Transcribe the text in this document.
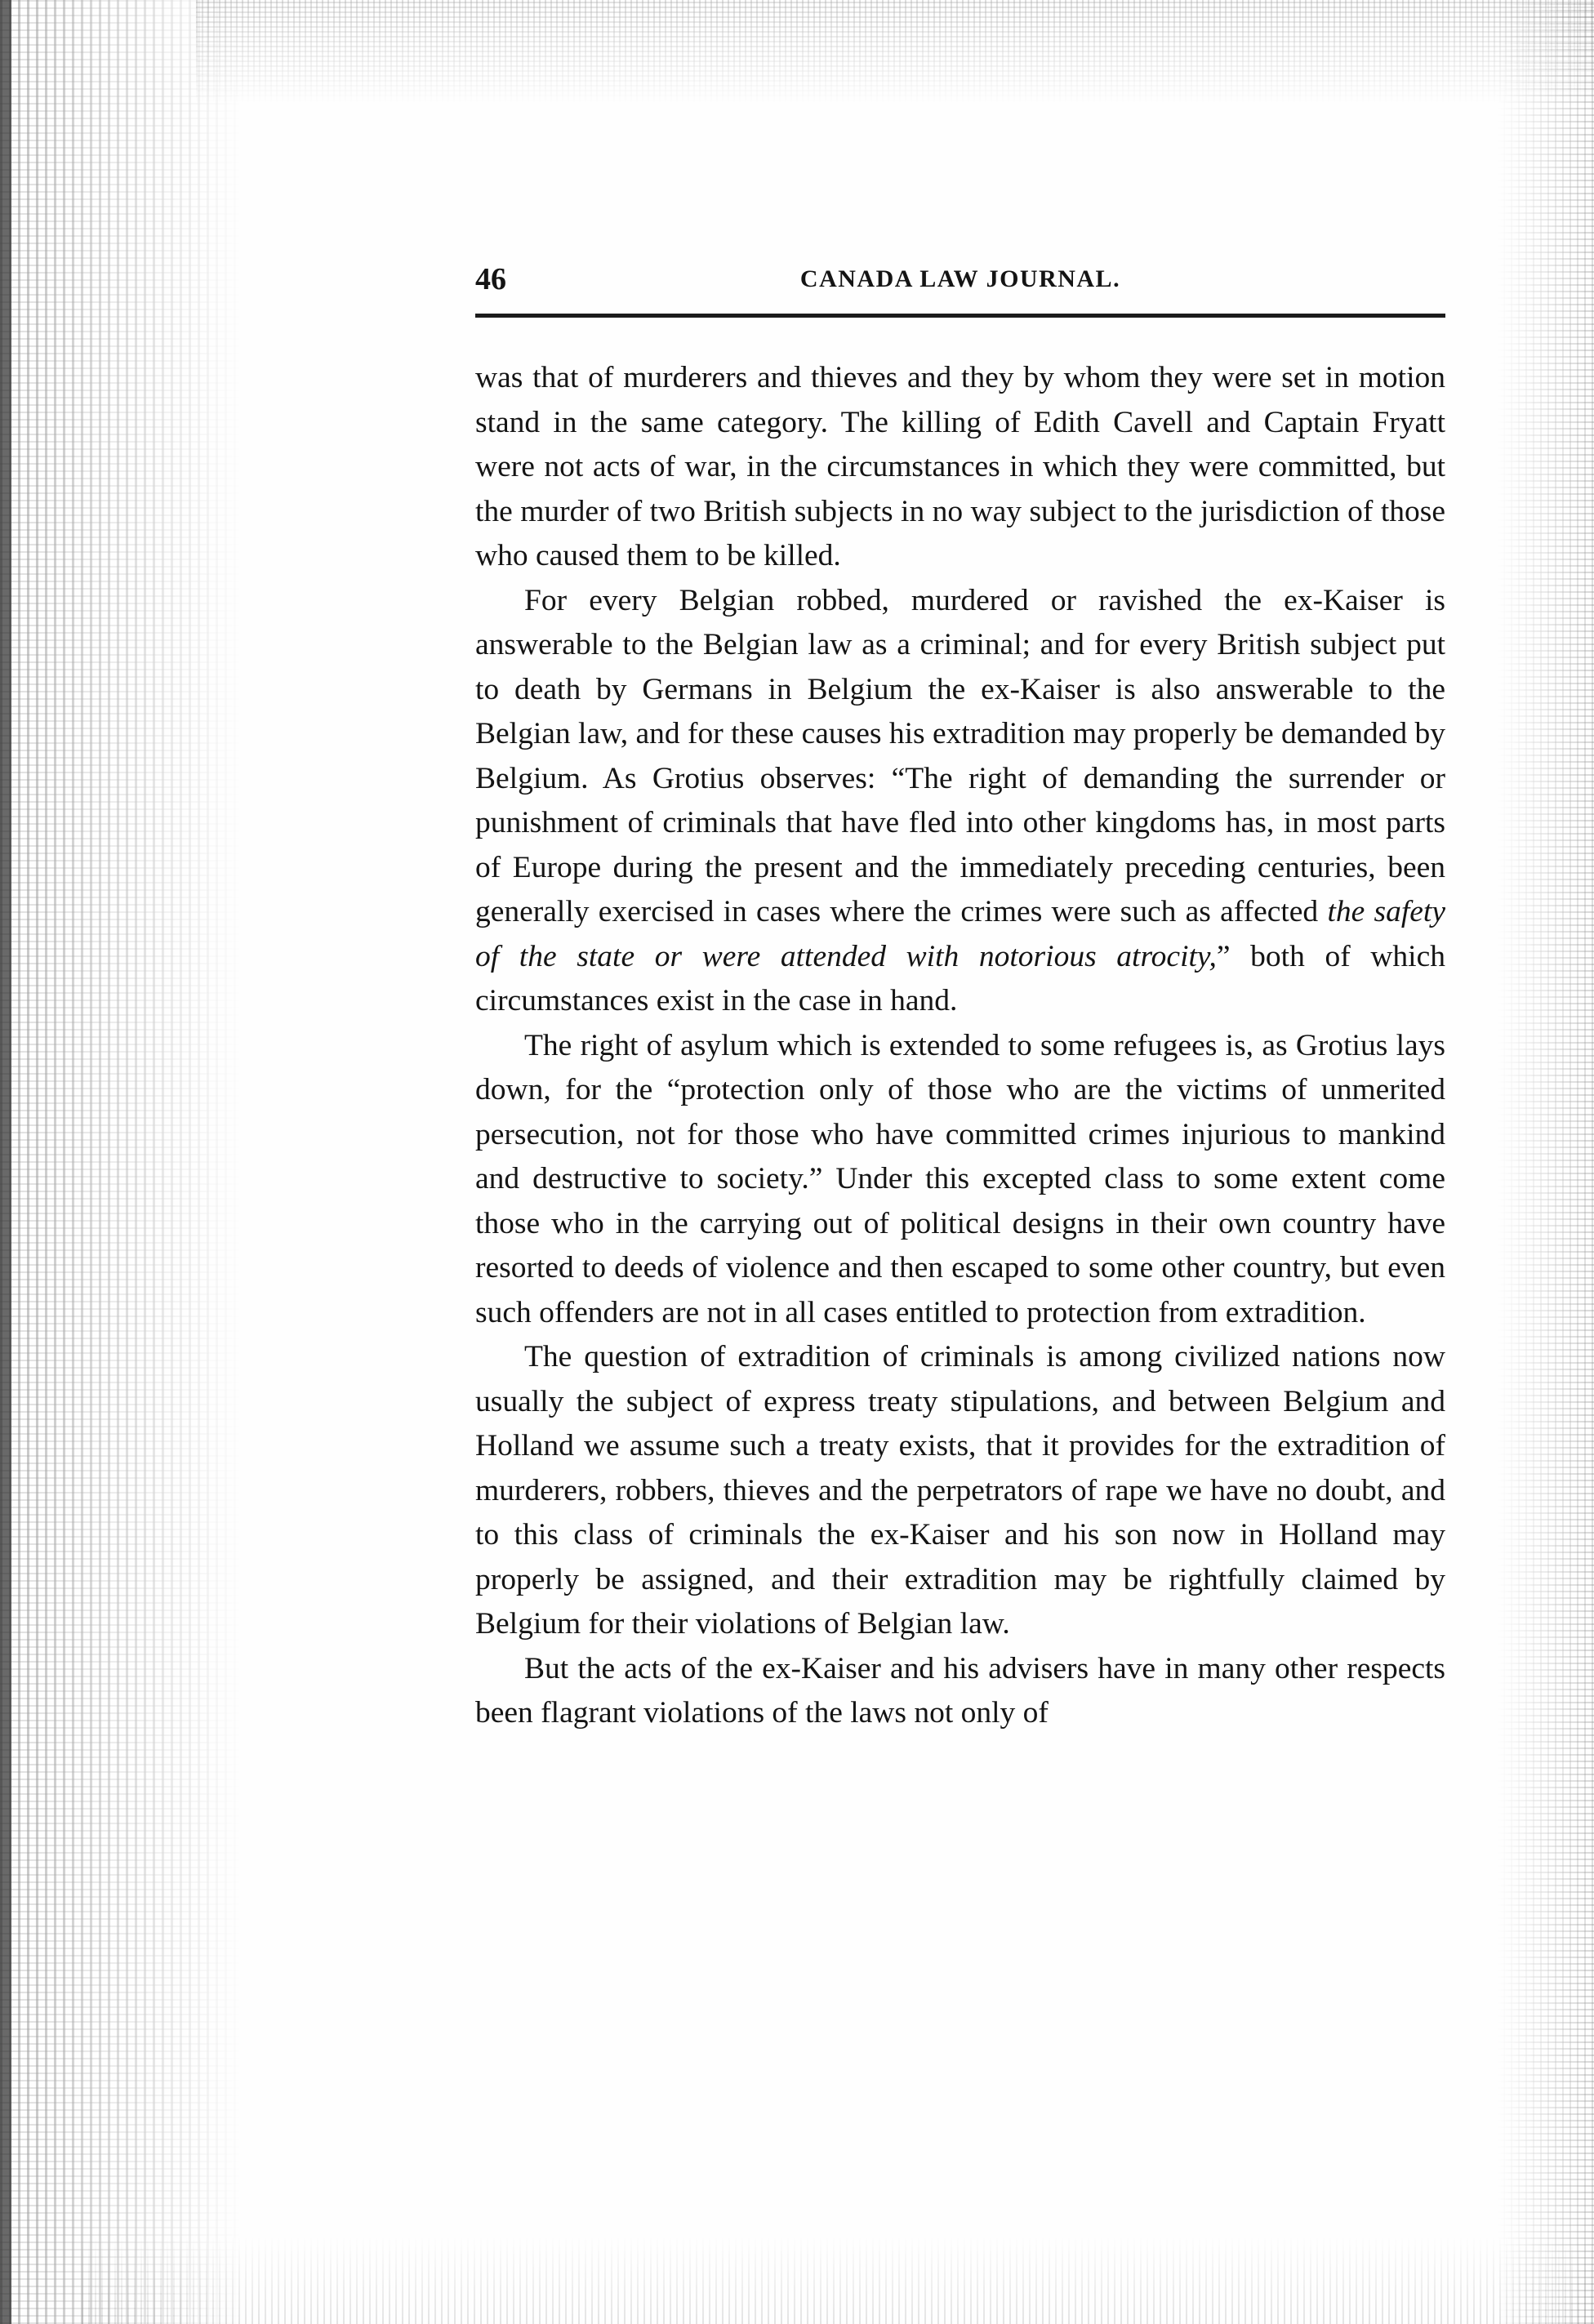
46	CANADA LAW JOURNAL.

was that of murderers and thieves and they by whom they were set in motion stand in the same category. The killing of Edith Cavell and Captain Fryatt were not acts of war, in the circumstances in which they were committed, but the murder of two British subjects in no way subject to the jurisdiction of those who caused them to be killed.

For every Belgian robbed, murdered or ravished the ex-Kaiser is answerable to the Belgian law as a criminal; and for every British subject put to death by Germans in Belgium the ex-Kaiser is also answerable to the Belgian law, and for these causes his extradition may properly be demanded by Belgium. As Grotius observes: “The right of demanding the surrender or punishment of criminals that have fled into other kingdoms has, in most parts of Europe during the present and the immediately preceding centuries, been generally exercised in cases where the crimes were such as affected the safety of the state or were attended with notorious atrocity,” both of which circumstances exist in the case in hand.

The right of asylum which is extended to some refugees is, as Grotius lays down, for the “protection only of those who are the victims of unmerited persecution, not for those who have committed crimes injurious to mankind and destructive to society.” Under this excepted class to some extent come those who in the carrying out of political designs in their own country have resorted to deeds of violence and then escaped to some other country, but even such offenders are not in all cases entitled to protection from extradition.

The question of extradition of criminals is among civilized nations now usually the subject of express treaty stipulations, and between Belgium and Holland we assume such a treaty exists, that it provides for the extradition of murderers, robbers, thieves and the perpetrators of rape we have no doubt, and to this class of criminals the ex-Kaiser and his son now in Holland may properly be assigned, and their extradition may be rightfully claimed by Belgium for their violations of Belgian law.

But the acts of the ex-Kaiser and his advisers have in many other respects been flagrant violations of the laws not only of
